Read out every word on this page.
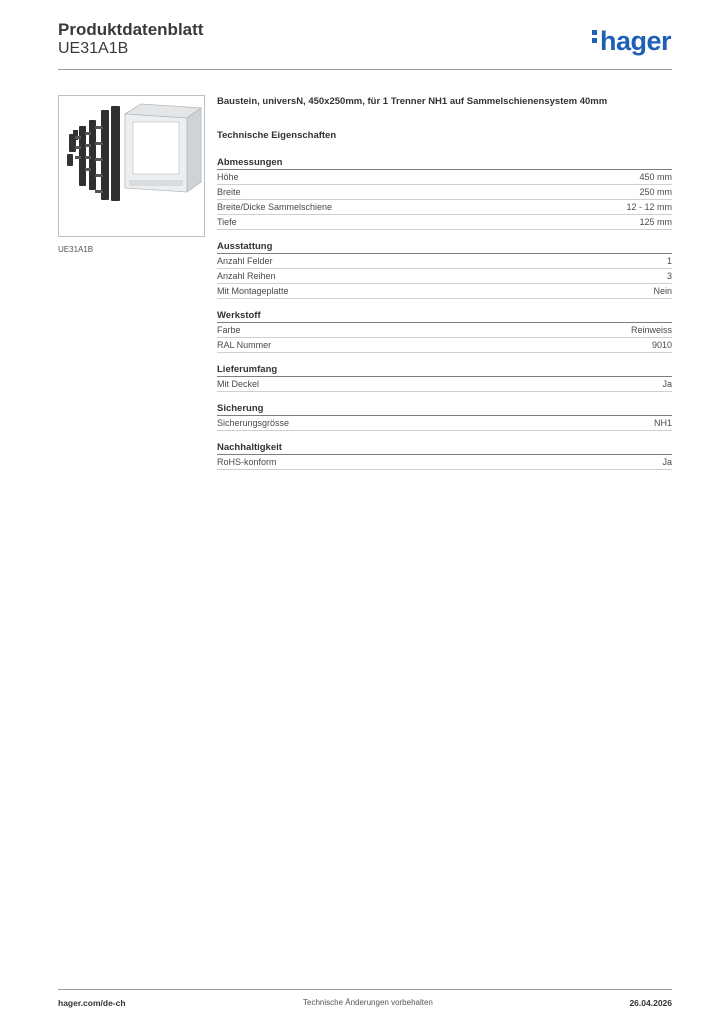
Produktdatenblatt
UE31A1B	hager
UE31A1B

Baustein, universN, 450x250mm, für 1 Trenner NH1 auf Sammelschienensystem 40mm

Technische Eigenschaften

Abmessungen
Höhe	450 mm
Breite	250 mm
Breite/Dicke Sammelschiene	12 - 12 mm
Tiefe	125 mm
Ausstattung
Anzahl Felder	1
Anzahl Reihen	3
Mit Montageplatte	Nein
Werkstoff
Farbe	Reinweiss
RAL Nummer	9010
Lieferumfang
Mit Deckel	Ja
Sicherung
Sicherungsgrösse	NH1
Nachhaltigkeit
RoHS-konform	Ja
hager.com/de-ch	Technische Änderungen vorbehalten	26.04.2026
